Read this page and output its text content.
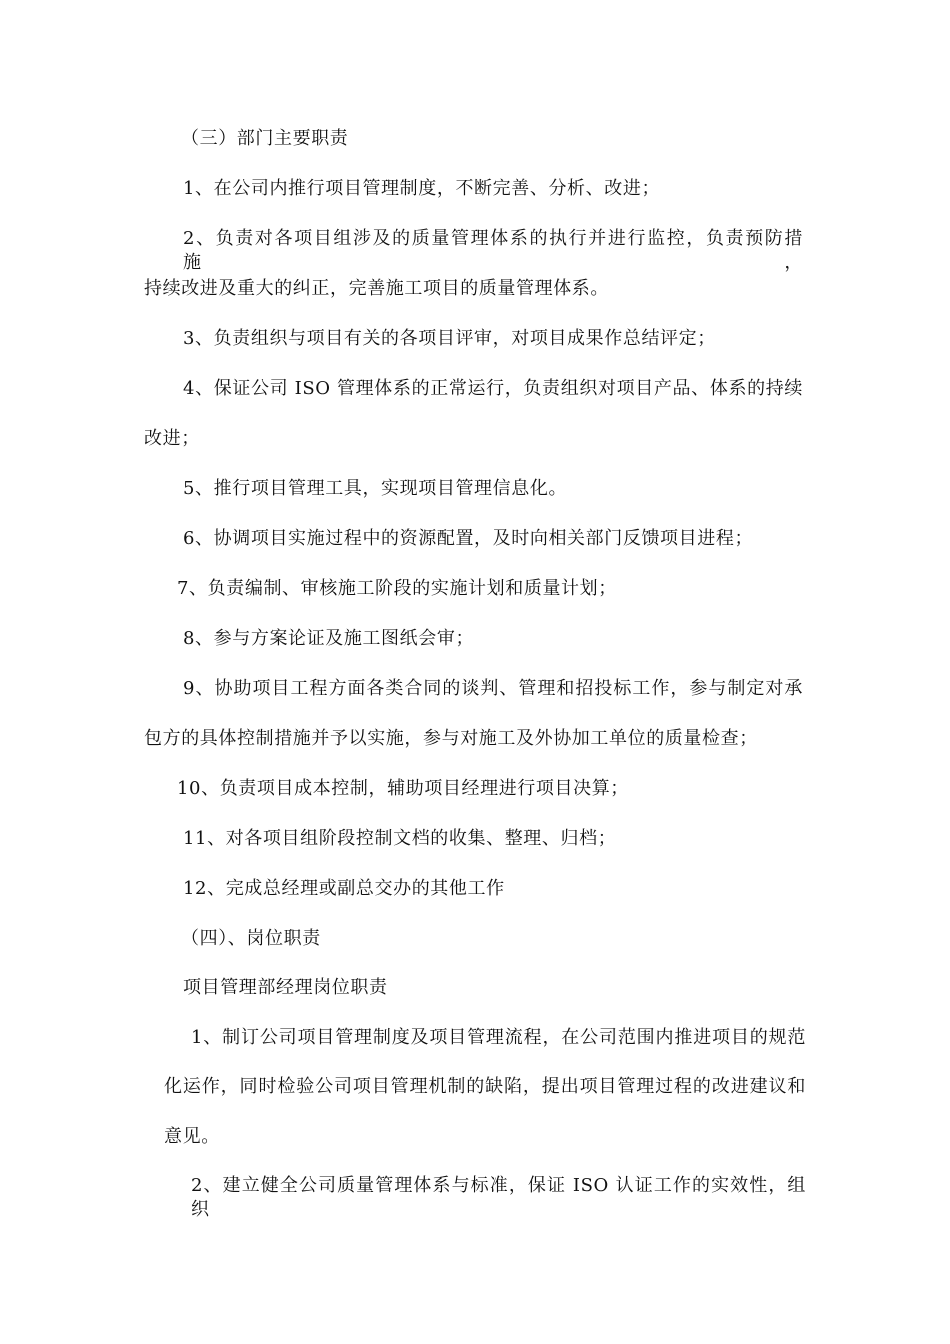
（三）部门主要职责
1、在公司内推行项目管理制度，不断完善、分析、改进；
2、负责对各项目组涉及的质量管理体系的执行并进行监控，负责预防措施，
持续改进及重大的纠正，完善施工项目的质量管理体系。
3、负责组织与项目有关的各项目评审，对项目成果作总结评定；
4、保证公司 ISO 管理体系的正常运行，负责组织对项目产品、体系的持续
改进；
5、推行项目管理工具，实现项目管理信息化。
6、协调项目实施过程中的资源配置，及时向相关部门反馈项目进程；
7、负责编制、审核施工阶段的实施计划和质量计划；
8、参与方案论证及施工图纸会审；
9、协助项目工程方面各类合同的谈判、管理和招投标工作，参与制定对承
包方的具体控制措施并予以实施，参与对施工及外协加工单位的质量检查；
10、负责项目成本控制，辅助项目经理进行项目决算；
11、对各项目组阶段控制文档的收集、整理、归档；
12、完成总经理或副总交办的其他工作
（四）、岗位职责
项目管理部经理岗位职责
1、制订公司项目管理制度及项目管理流程，在公司范围内推进项目的规范
化运作，同时检验公司项目管理机制的缺陷，提出项目管理过程的改进建议和
意见。
2、建立健全公司质量管理体系与标准，保证 ISO 认证工作的实效性，组织
